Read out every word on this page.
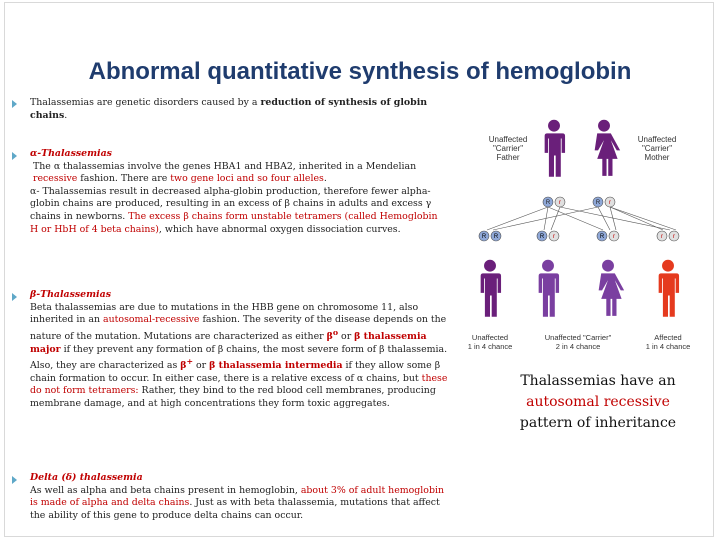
Abnormal quantitative synthesis of hemoglobin

Thalassemias are genetic disorders caused by a reduction of synthesis of globin chains.

α-Thalassemias

The α thalassemias involve the genes HBA1 and HBA2, inherited in a Mendelian recessive fashion. There are two gene loci and so four alleles.

α- Thalassemias result in decreased alpha-globin production, therefore fewer alpha-globin chains are produced, resulting in an excess of β chains in adults and excess γ chains in newborns. The excess β chains form unstable tetramers (called Hemoglobin H or HbH of 4 beta chains), which have abnormal oxygen dissociation curves.

β-Thalassemias

Beta thalassemias are due to mutations in the HBB gene on chromosome 11, also inherited in an autosomal-recessive fashion. The severity of the disease depends on the nature of the mutation. Mutations are characterized as either $\beta^o$ or β thalassemia major if they prevent any formation of β chains, the most severe form of β thalassemia.

Also, they are characterized as β+ or β thalassemia intermedia if they allow some β chain formation to occur. In either case, there is a relative excess of α chains, but these do not form tetramers: Rather, they bind to the red blood cell membranes, producing membrane damage, and at high concentrations they form toxic aggregates.

Delta (δ) thalassemia

As well as alpha and beta chains present in hemoglobin, about 3% of adult hemoglobin is made of alpha and delta chains. Just as with beta thalassemia, mutations that affect the ability of this gene to produce delta chains can occur.

Unaffected
"Carrier"
Father
Unaffected
"Carrier"
Mother
R r	R r
R R	R r	R r	r r
Unaffected
1 in 4 chance
Unaffected "Carrier"
2 in 4 chance
Affected
1 in 4 chance
Thalassemias have an
autosomal recessive
pattern of inheritance
